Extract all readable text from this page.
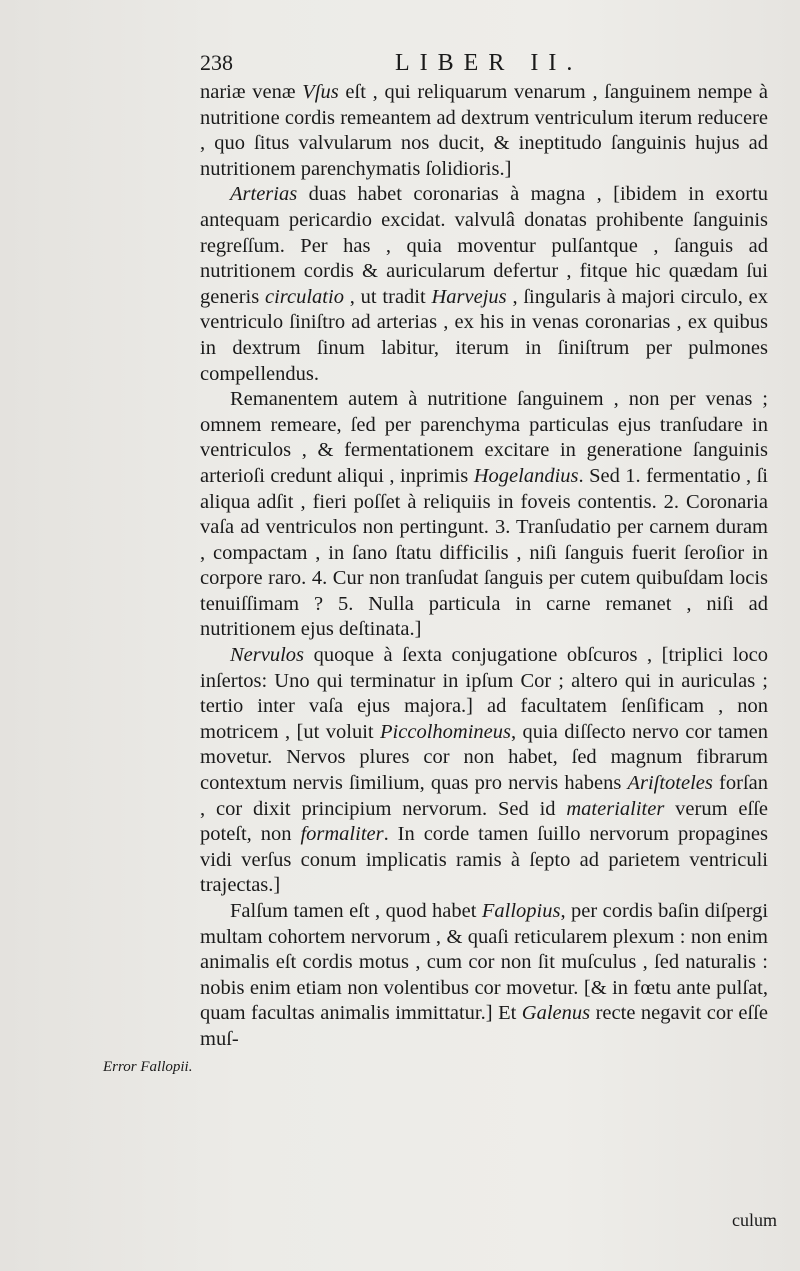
238	LIBER II.

nariæ venæ Vſus eſt , qui reliquarum venarum , ſanguinem nempe à nutritione cordis remeantem ad dextrum ventriculum iterum reducere , quo ſitus valvularum nos ducit, & ineptitudo ſanguinis hujus ad nutritionem parenchymatis ſolidioris.]

Arterias duas habet coronarias à magna , [ibidem in exortu antequam pericardio excidat. valvulâ donatas prohibente ſanguinis regreſſum. Per has , quia moventur pulſantque , ſanguis ad nutritionem cordis & auricularum defertur , fitque hic quædam ſui generis circulatio , ut tradit Harvejus , ſingularis à majori circulo, ex ventriculo ſiniſtro ad arterias , ex his in venas coronarias , ex quibus in dextrum ſinum labitur, iterum in ſiniſtrum per pulmones compellendus.

Remanentem autem à nutritione ſanguinem , non per venas ; omnem remeare, ſed per parenchyma particulas ejus tranſudare in ventriculos , & fermentationem excitare in generatione ſanguinis arterioſi credunt aliqui , inprimis Hogelandius. Sed 1. fermentatio , ſi aliqua adſit , fieri poſſet à reliquiis in foveis contentis. 2. Coronaria vaſa ad ventriculos non pertingunt. 3. Tranſudatio per carnem duram , compactam , in ſano ſtatu difficilis , niſi ſanguis fuerit ſeroſior in corpore raro. 4. Cur non tranſudat ſanguis per cutem quibuſdam locis tenuiſſimam ? 5. Nulla particula in carne remanet , niſi ad nutritionem ejus deſtinata.]

Nervulos quoque à ſexta conjugatione obſcuros , [triplici loco inſertos: Uno qui terminatur in ipſum Cor ; altero qui in auriculas ; tertio inter vaſa ejus majora.] ad facultatem ſenſificam , non motricem , [ut voluit Piccolhomineus, quia diſſecto nervo cor tamen movetur. Nervos plures cor non habet, ſed magnum fibrarum contextum nervis ſimilium, quas pro nervis habens Ariſtoteles forſan , cor dixit principium nervorum. Sed id materialiter verum eſſe poteſt, non formaliter. In corde tamen ſuillo nervorum propagines vidi verſus conum implicatis ramis à ſepto ad parietem ventriculi trajectas.]

Falſum tamen eſt , quod habet Fallopius, per cordis baſin diſpergi multam cohortem nervorum , & quaſi reticularem plexum : non enim animalis eſt cordis motus , cum cor non ſit muſculus , ſed naturalis : nobis enim etiam non volentibus cor movetur. [& in fœtu ante pulſat, quam facultas animalis immittatur.] Et Galenus recte negavit cor eſſe muſ-

Error Fallopii.
culum
